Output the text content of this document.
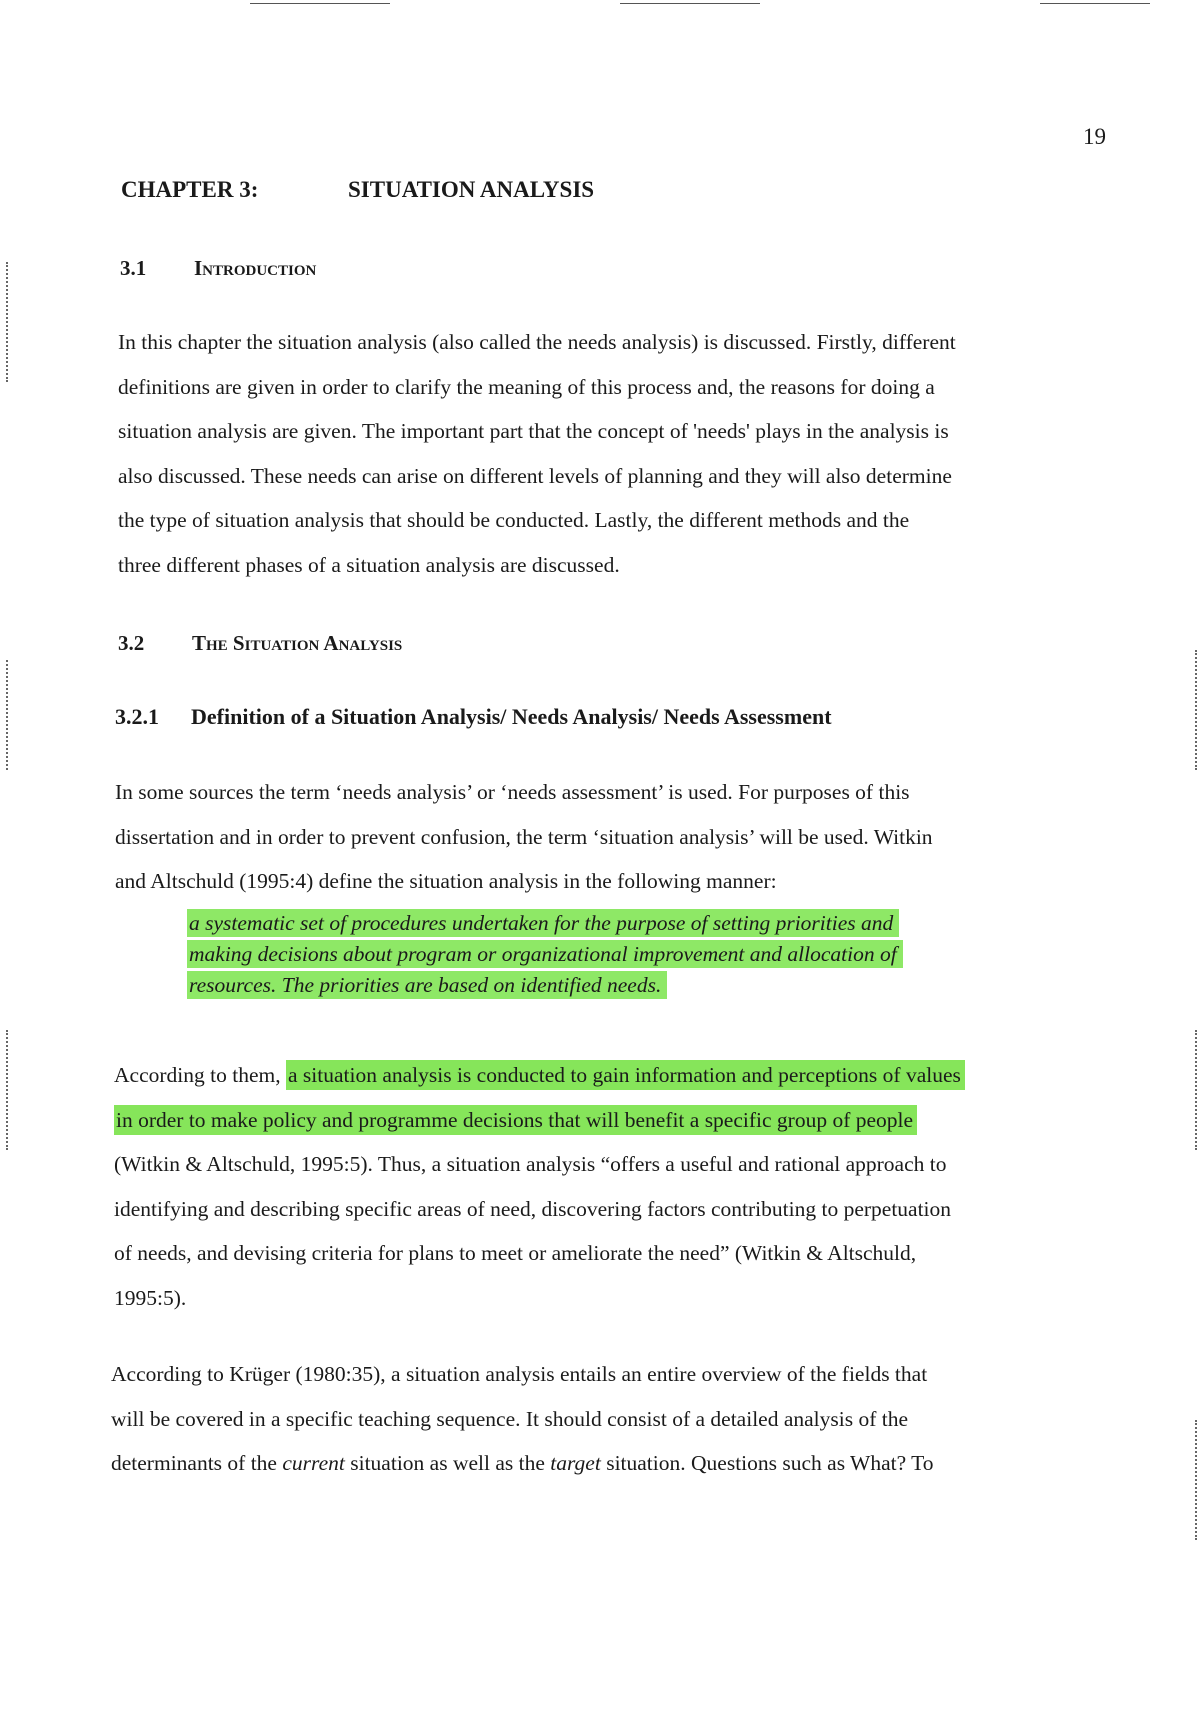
19
CHAPTER 3:	SITUATION ANALYSIS
3.1 Introduction
In this chapter the situation analysis (also called the needs analysis) is discussed. Firstly, different
definitions are given in order to clarify the meaning of this process and, the reasons for doing a
situation analysis are given. The important part that the concept of 'needs' plays in the analysis is
also discussed. These needs can arise on different levels of planning and they will also determine
the type of situation analysis that should be conducted. Lastly, the different methods and the
three different phases of a situation analysis are discussed.
3.2 The Situation Analysis
3.2.1 Definition of a Situation Analysis/ Needs Analysis/ Needs Assessment
In some sources the term ‘needs analysis’ or ‘needs assessment’ is used. For purposes of this
dissertation and in order to prevent confusion, the term ‘situation analysis’ will be used. Witkin
and Altschuld (1995:4) define the situation analysis in the following manner:
a systematic set of procedures undertaken for the purpose of setting priorities and
making decisions about program or organizational improvement and allocation of
resources. The priorities are based on identified needs.
According to them, a situation analysis is conducted to gain information and perceptions of values
in order to make policy and programme decisions that will benefit a specific group of people
(Witkin & Altschuld, 1995:5). Thus, a situation analysis “offers a useful and rational approach to
identifying and describing specific areas of need, discovering factors contributing to perpetuation
of needs, and devising criteria for plans to meet or ameliorate the need” (Witkin & Altschuld,
1995:5).
According to Krüger (1980:35), a situation analysis entails an entire overview of the fields that
will be covered in a specific teaching sequence. It should consist of a detailed analysis of the
determinants of the current situation as well as the target situation. Questions such as What? To
